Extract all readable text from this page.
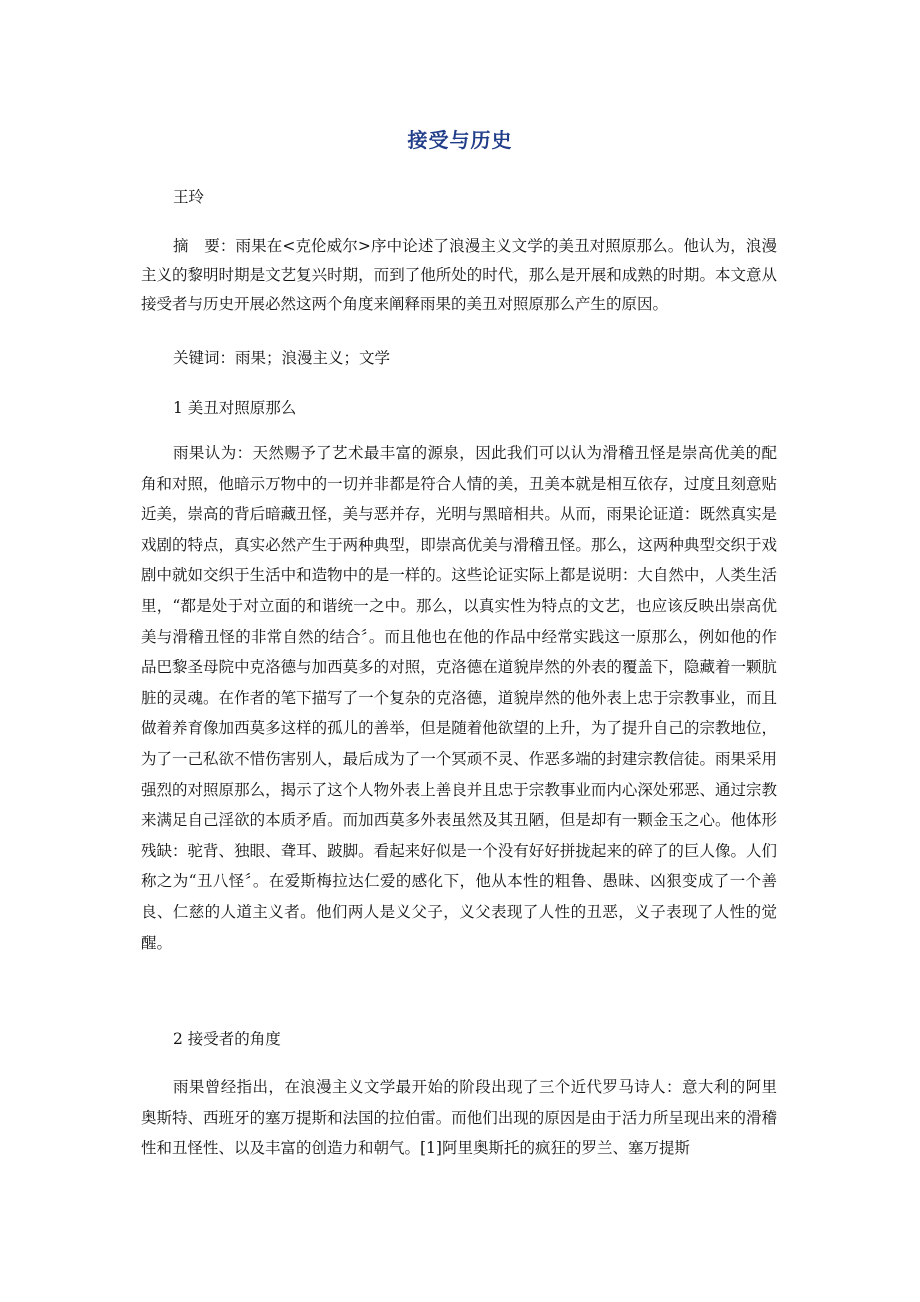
接受与历史
王玲
摘　要：雨果在<克伦威尔>序中论述了浪漫主义文学的美丑对照原那么。他认为，浪漫主义的黎明时期是文艺复兴时期，而到了他所处的时代，那么是开展和成熟的时期。本文意从接受者与历史开展必然这两个角度来阐释雨果的美丑对照原那么产生的原因。
关键词：雨果；浪漫主义；文学
1 美丑对照原那么
雨果认为：天然赐予了艺术最丰富的源泉，因此我们可以认为滑稽丑怪是崇高优美的配角和对照，他暗示万物中的一切并非都是符合人情的美，丑美本就是相互依存，过度且刻意贴近美，崇高的背后暗藏丑怪，美与恶并存，光明与黑暗相共。从而，雨果论证道：既然真实是戏剧的特点，真实必然产生于两种典型，即崇高优美与滑稽丑怪。那么，这两种典型交织于戏剧中就如交织于生活中和造物中的是一样的。这些论证实际上都是说明：大自然中，人类生活里，“都是处于对立面的和谐统一之中。那么，以真实性为特点的文艺，也应该反映出崇高优美与滑稽丑怪的非常自然的结合〞。而且他也在他的作品中经常实践这一原那么，例如他的作品巴黎圣母院中克洛德与加西莫多的对照，克洛德在道貌岸然的外表的覆盖下，隐藏着一颗肮脏的灵魂。在作者的笔下描写了一个复杂的克洛德，道貌岸然的他外表上忠于宗教事业，而且做着养育像加西莫多这样的孤儿的善举，但是随着他欲望的上升，为了提升自己的宗教地位，为了一己私欲不惜伤害别人，最后成为了一个冥顽不灵、作恶多端的封建宗教信徒。雨果采用强烈的对照原那么，揭示了这个人物外表上善良并且忠于宗教事业而内心深处邪恶、通过宗教来满足自己淫欲的本质矛盾。而加西莫多外表虽然及其丑陋，但是却有一颗金玉之心。他体形残缺：驼背、独眼、聋耳、跛脚。看起来好似是一个没有好好拼拢起来的碎了的巨人像。人们称之为“丑八怪〞。在爱斯梅拉达仁爱的感化下，他从本性的粗鲁、愚昧、凶狠变成了一个善良、仁慈的人道主义者。他们两人是义父子，义父表现了人性的丑恶，义子表现了人性的觉醒。
2 接受者的角度
雨果曾经指出，在浪漫主义文学最开始的阶段出现了三个近代罗马诗人：意大利的阿里奥斯特、西班牙的塞万提斯和法国的拉伯雷。而他们出现的原因是由于活力所呈现出来的滑稽性和丑怪性、以及丰富的创造力和朝气。[1]阿里奥斯托的疯狂的罗兰、塞万提斯
